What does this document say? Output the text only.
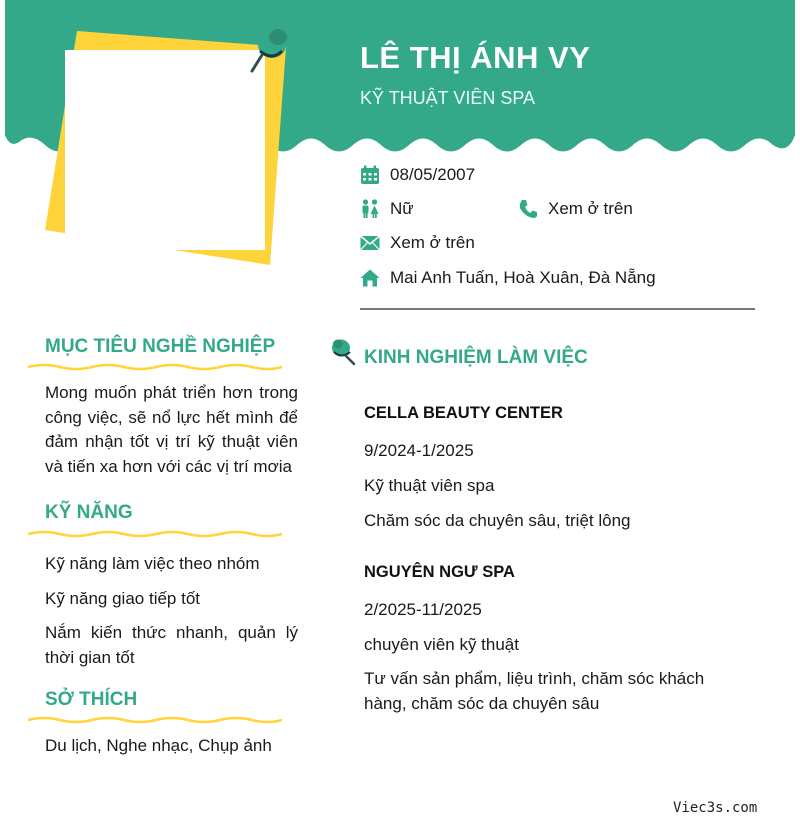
LÊ THỊ ÁNH VY
KỸ THUẬT VIÊN SPA
08/05/2007
Nữ	Xem ở trên
Xem ở trên
Mai Anh Tuấn, Hoà Xuân, Đà Nẵng
MỤC TIÊU NGHỀ NGHIỆP
Mong muốn phát triển hơn trong công việc, sẽ nổ lực hết mình để đảm nhận tốt vị trí kỹ thuật viên và tiến xa hơn với các vị trí mơia
KỸ NĂNG
Kỹ năng làm việc theo nhóm
Kỹ năng giao tiếp tốt
Nắm kiến thức nhanh, quản lý thời gian tốt
SỞ THÍCH
Du lịch, Nghe nhạc, Chụp ảnh
KINH NGHIỆM LÀM VIỆC
CELLA BEAUTY CENTER
9/2024-1/2025
Kỹ thuật viên spa
Chăm sóc da chuyên sâu, triệt lông
NGUYÊN NGƯ SPA
2/2025-11/2025
chuyên viên kỹ thuật
Tư vấn sản phẩm, liệu trình, chăm sóc khách hàng, chăm sóc da chuyên sâu
Viec3s.com
